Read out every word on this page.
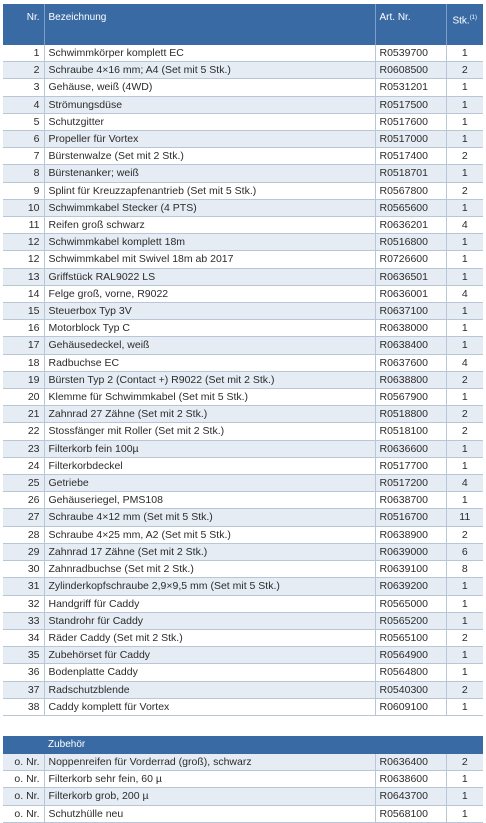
Nr.	Bezeichnung	Art. Nr.	Stk.$^{(1)}$
1	Schwimmkörper komplett EC	R0539700	1
2	Schraube 4×16 mm; A4 (Set mit 5 Stk.)	R0608500	2
3	Gehäuse, weiß (4WD)	R0531201	1
4	Strömungsdüse	R0517500	1
5	Schutzgitter	R0517600	1
6	Propeller für Vortex	R0517000	1
7	Bürstenwalze (Set mit 2 Stk.)	R0517400	2
8	Bürstenanker; weiß	R0518701	1
9	Splint für Kreuzzapfenantrieb (Set mit 5 Stk.)	R0567800	2
10	Schwimmkabel Stecker (4 PTS)	R0565600	1
11	Reifen groß schwarz	R0636201	4
12	Schwimmkabel komplett 18m	R0516800	1
12	Schwimmkabel mit Swivel 18m ab 2017	R0726600	1
13	Griffstück RAL9022 LS	R0636501	1
14	Felge groß, vorne, R9022	R0636001	4
15	Steuerbox Typ 3V	R0637100	1
16	Motorblock Typ C	R0638000	1
17	Gehäusedeckel, weiß	R0638400	1
18	Radbuchse EC	R0637600	4
19	Bürsten Typ 2 (Contact +) R9022 (Set mit 2 Stk.)	R0638800	2
20	Klemme für Schwimmkabel (Set mit 5 Stk.)	R0567900	1
21	Zahnrad 27 Zähne (Set mit 2 Stk.)	R0518800	2
22	Stossfänger mit Roller (Set mit 2 Stk.)	R0518100	2
23	Filterkorb fein 100µ	R0636600	1
24	Filterkorbdeckel	R0517700	1
25	Getriebe	R0517200	4
26	Gehäuseriegel, PMS108	R0638700	1
27	Schraube 4×12 mm (Set mit 5 Stk.)	R0516700	11
28	Schraube 4×25 mm, A2 (Set mit 5 Stk.)	R0638900	2
29	Zahnrad 17 Zähne (Set mit 2 Stk.)	R0639000	6
30	Zahnradbuchse (Set mit 2 Stk.)	R0639100	8
31	Zylinderkopfschraube 2,9×9,5 mm (Set mit 5 Stk.)	R0639200	1
32	Handgriff für Caddy	R0565000	1
33	Standrohr für Caddy	R0565200	1
34	Räder Caddy (Set mit 2 Stk.)	R0565100	2
35	Zubehörset für Caddy	R0564900	1
36	Bodenplatte Caddy	R0564800	1
37	Radschutzblende	R0540300	2
38	Caddy komplett für Vortex	R0609100	1
	Zubehör		
o. Nr.	Noppenreifen für Vorderrad (groß), schwarz	R0636400	2
o. Nr.	Filterkorb sehr fein, 60 µ	R0638600	1
o. Nr.	Filterkorb grob, 200 µ	R0643700	1
o. Nr.	Schutzhülle neu	R0568100	1
